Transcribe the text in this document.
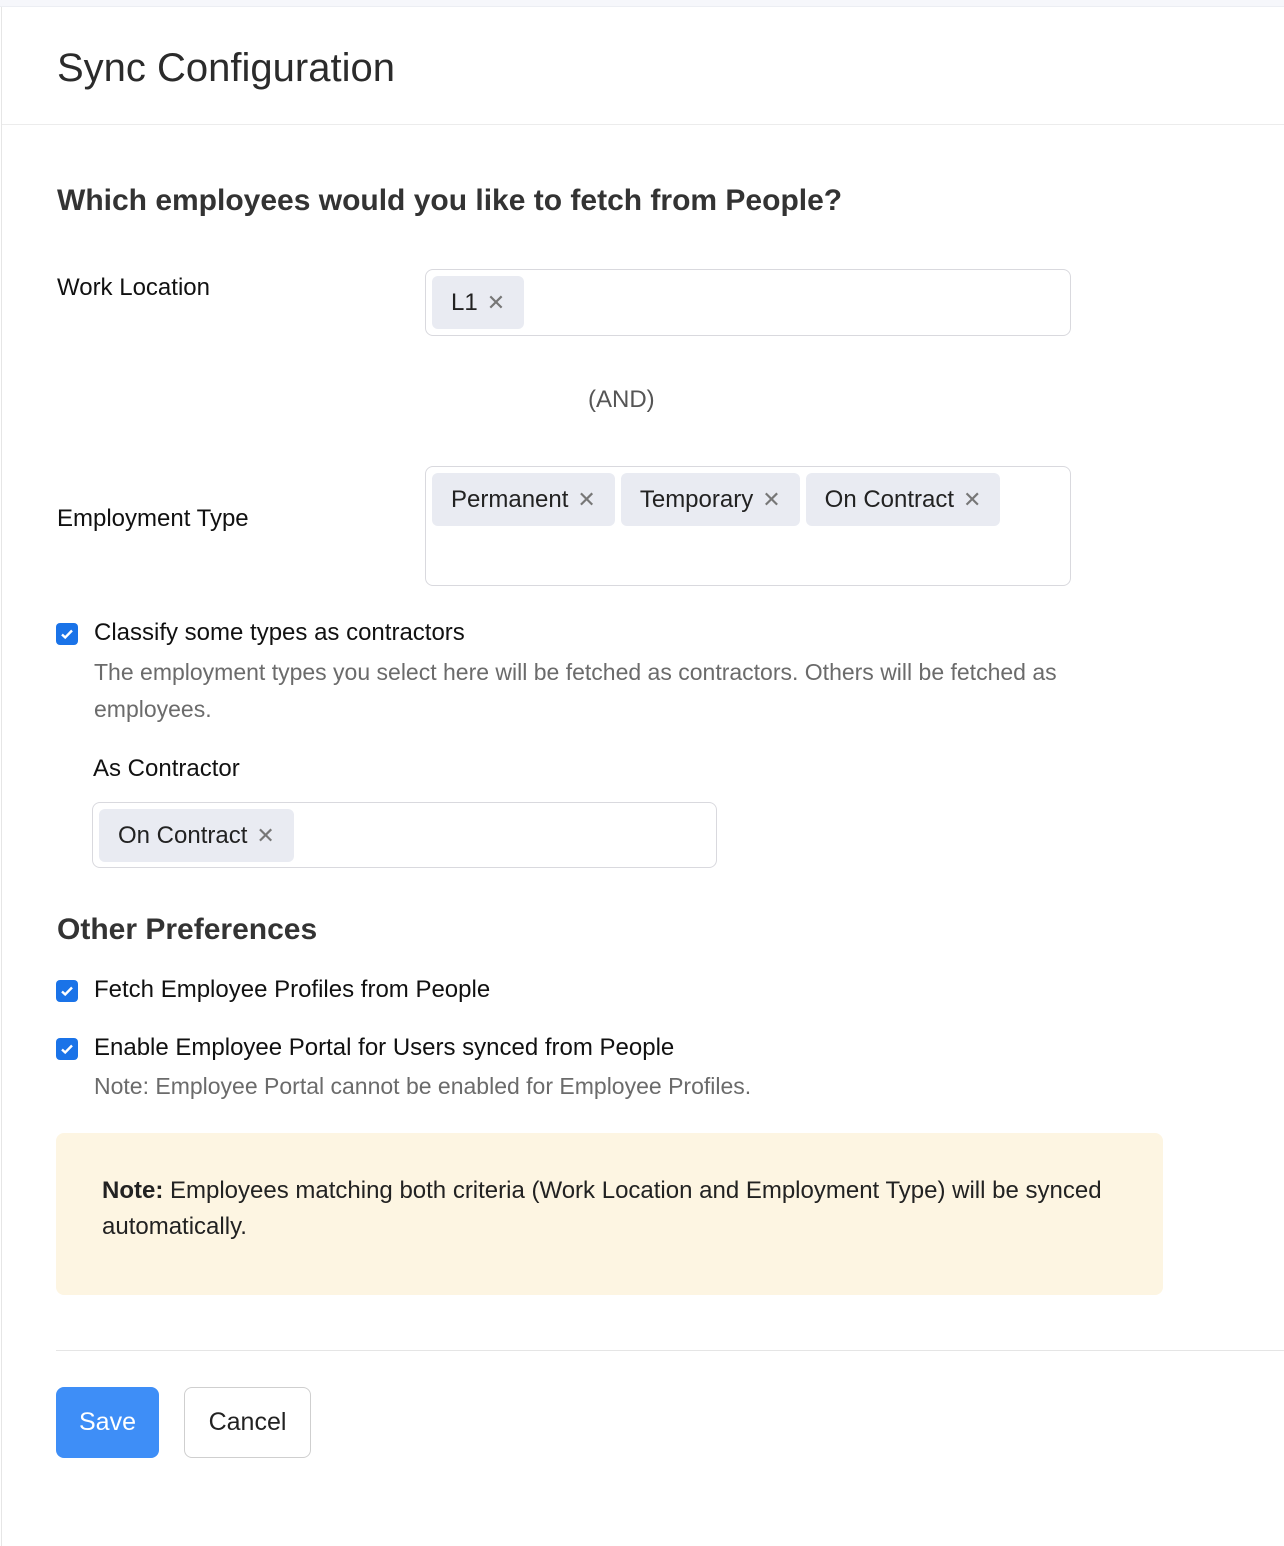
Sync Configuration
Which employees would you like to fetch from People?
Work Location
L1 ✕
(AND)
Employment Type
Permanent ✕ Temporary ✕ On Contract ✕
Classify some types as contractors
The employment types you select here will be fetched as contractors. Others will be fetched as employees.
As Contractor
On Contract ✕
Other Preferences
Fetch Employee Profiles from People
Enable Employee Portal for Users synced from People
Note: Employee Portal cannot be enabled for Employee Profiles.
Note: Employees matching both criteria (Work Location and Employment Type) will be synced automatically.
Save	Cancel
